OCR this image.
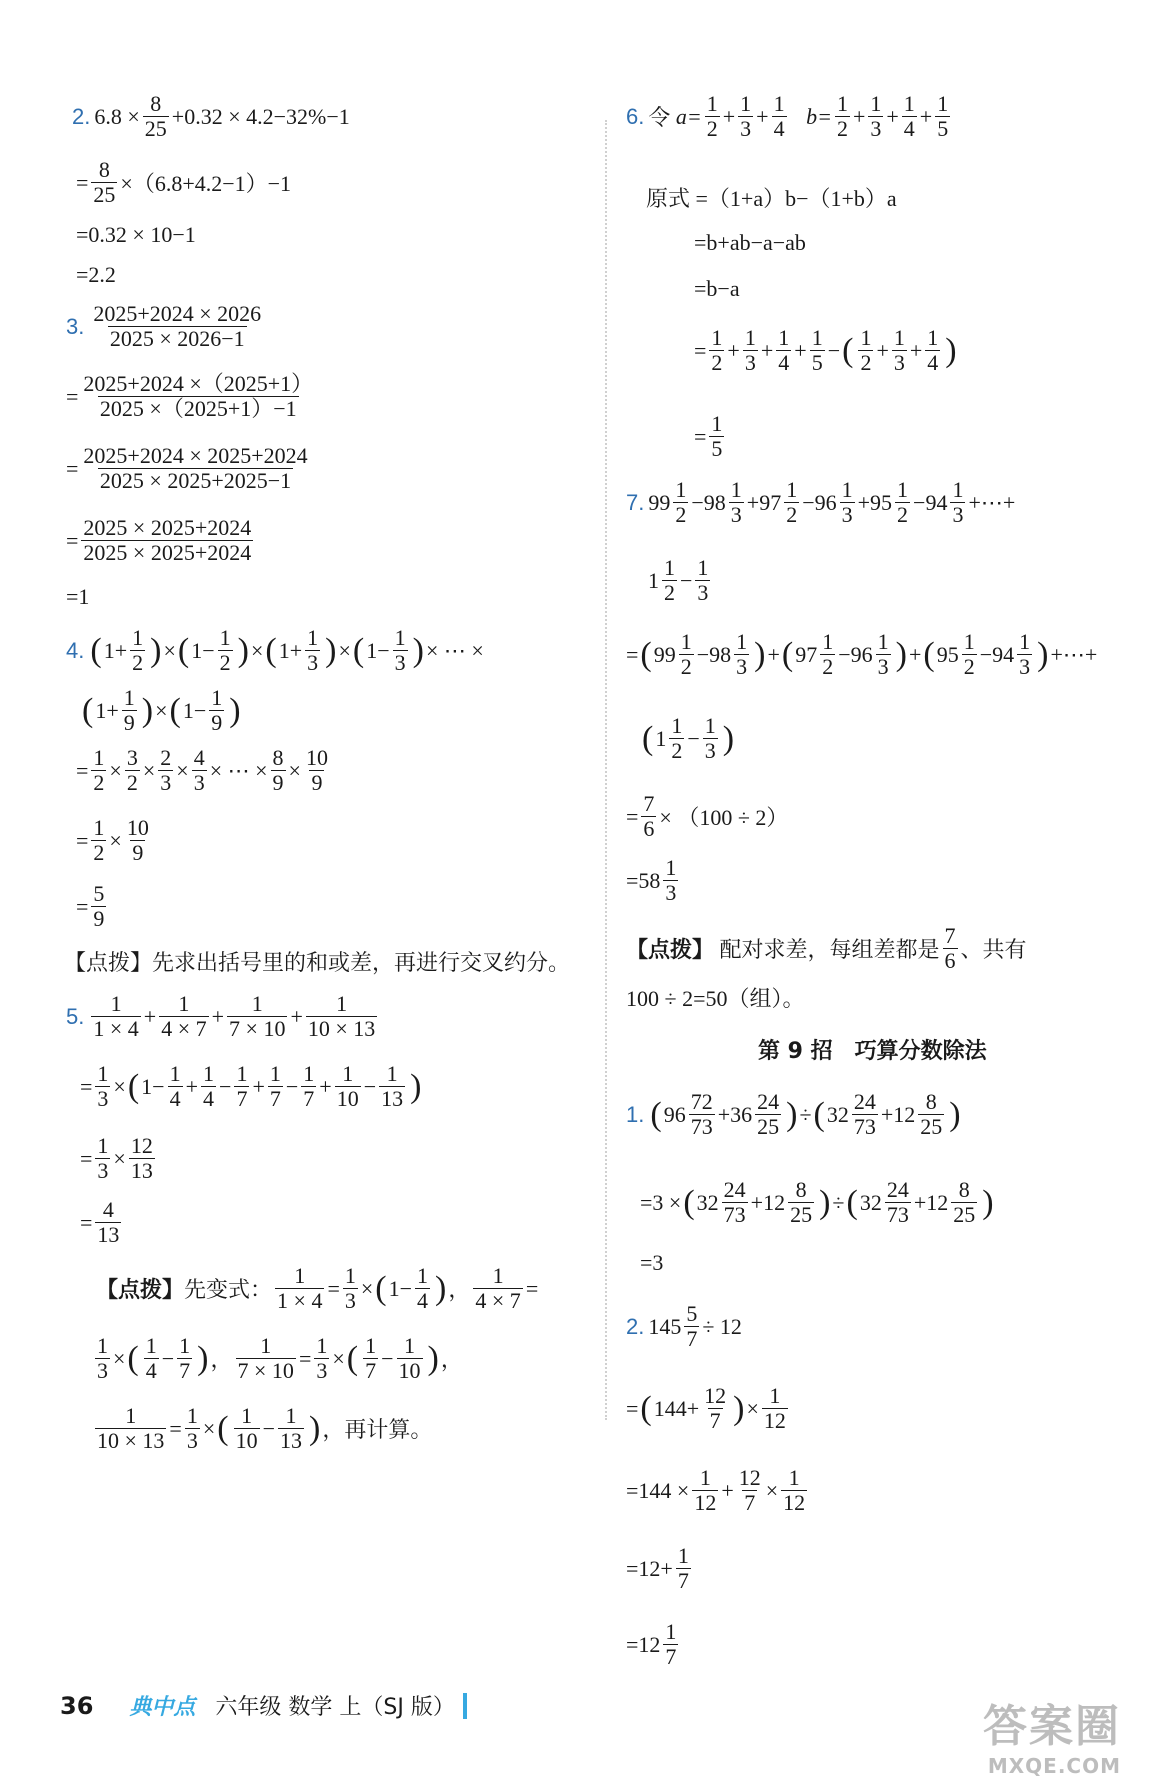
2. $6.8 \times \frac{8}{25} +0.32 \times 4.2-32\%-1$
= $\frac{8}{25} \times(6.8+4.2-1)-1$
=0.32 × 10−1
=2.2
3. $\frac{2025+2024 \times 2026}{2025 \times 2026-1}$
= $\frac{2025+2024 \times(2025+1)}{2025 \times(2025+1)-1}$
= $\frac{2025+2024 \times 2025+2024}{2025 \times 2025+2025-1}$
= $\frac{2025 \times 2025+2024}{2025 \times 2025+2024}$
=1
4. ( 1+
1
2 ) × ( 1−
1
2 ) × ( 1+
1
3 ) × ( 1−
1
3 ) × ⋯ ×
( 1+
1
9 ) × ( 1−
1
9 )
=
1
2 ×
3
2 ×
2
3 ×
4
3 × ⋯ ×
8
9 ×
10
9
=
1
2 ×
10
9
= $\frac{5}{9}$
【点拨】先求出括号里的和或差，再进行交叉约分。
5.
1
1 × 4 +
1
4 × 7 +
1
7 × 10 +
1
10 × 13
=
1
3 × ( 1−
1
4 +
1
4 −
1
7 +
1
7 −
1
7 +
1
10 −
1
13 )
=
1
3 ×
12
13
=
4
13
【点拨】 先变式：
1
1 × 4 =
1
3 × ( 1−
1
4 ) ，
1
4 × 7 =
1
3 × ( 1
4 −
1
7 ) ，
1
7 × 10 =
1
3 × ( 1
7 −
1
10 ) ，
1
10 × 13 =
1
3 × ( 1
10 −
1
13 ) ， 再计算。
6. 令
$a= \frac{1}{2}$ +
1
3 +
1
4
$b= \frac{1}{2}$ +
1
3 +
1
4 +
1
5
原式 =（1+a）b−（1+b）a
=b+ab−a−ab
=b−a
=
1
2 +
1
3 +
1
4 +
1
5 − ( 1
2 +
1
3 +
1
4 )
=
1
5
7. 99
1
2 −98
1
3 +97
1
2 −96
1
3 +95
1
2 −94
1
3 +⋯+
1
1
2 −
1
3
= ( 99
1
2 −98
1
3 ) + ( 97
1
2 −96
1
3 ) + ( 95
1
2 −94
1
3 ) +⋯+
( 1
1
2 −
1
3 )
= $\frac{7}{6} \times (100 \div 2)$
=58
1
3
【点拨】
配对求差，每组差都是
7
6 、共有
100 ÷ 2=50（组）。
第 9 招　巧算分数除法
1. ( 96
72
73 +36
24
25 ) ÷ ( 32
24
73 +12
8
25 )
=3 × ( 32
24
73 +12
8
25 ) ÷ ( 32
24
73 +12
8
25 )
=3
2. $145 \frac{5}{7} \div 12$
= ( 144+
12
7 ) ×
1
12
=144 ×
1
12 +
12
7 ×
1
12
=12+
1
7
=12
1
7
36 典中点 六年级 数学 上（SJ 版）	答案圈
MXQE.COM
